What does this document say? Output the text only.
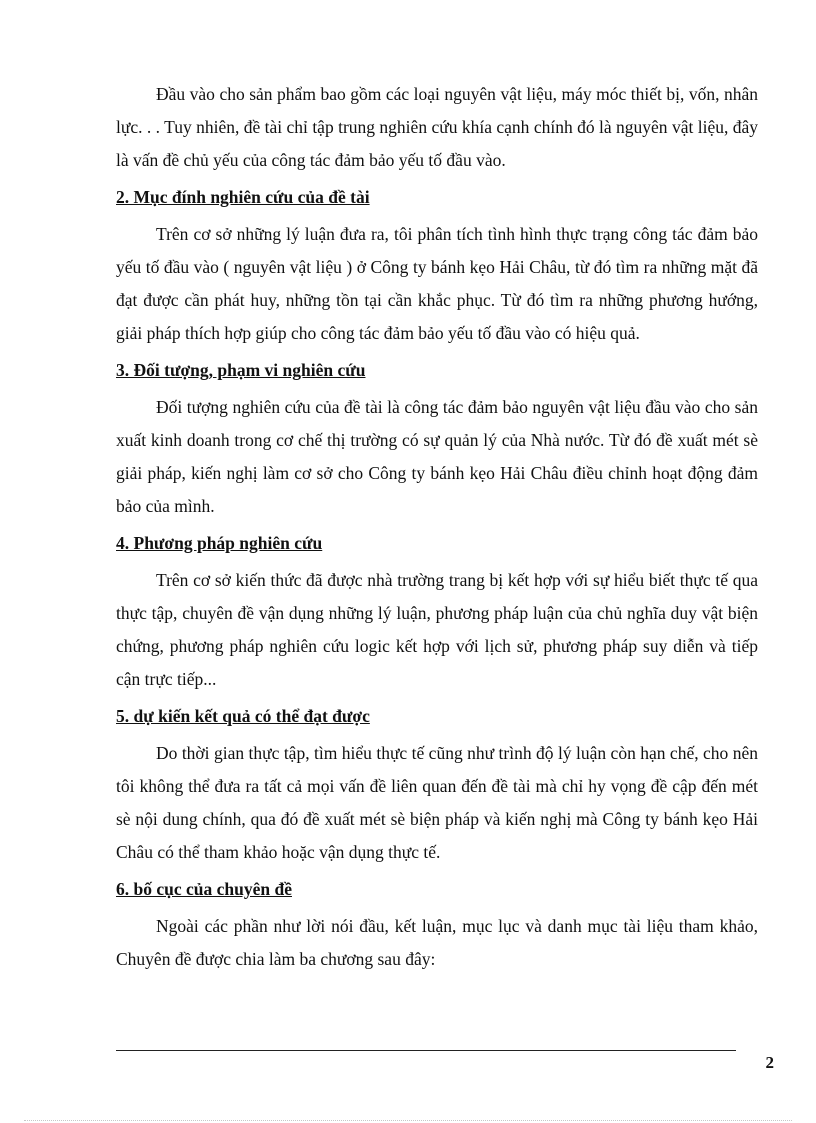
Đầu vào cho sản phẩm bao gồm các loại nguyên vật liệu, máy móc thiết bị, vốn, nhân lực. . . Tuy nhiên, đề tài chỉ tập trung nghiên cứu khía cạnh chính đó là nguyên vật liệu, đây là vấn đề chủ yếu của công tác đảm bảo yếu tố đầu vào.

2. Mục đính nghiên cứu của đề tài

Trên cơ sở những lý luận đưa ra, tôi phân tích tình hình thực trạng công tác đảm bảo yếu tố đầu vào ( nguyên vật liệu ) ở Công ty bánh kẹo Hải Châu, từ đó tìm ra những mặt đã đạt được cần phát huy, những tồn tại cần khắc phục. Từ đó tìm ra những phương hướng, giải pháp thích hợp giúp cho công tác đảm bảo yếu tố đầu vào có hiệu quả.

3. Đối tượng, phạm vi nghiên cứu

Đối tượng nghiên cứu của đề tài là công tác đảm bảo nguyên vật liệu đầu vào cho sản xuất kinh doanh trong cơ chế thị trường có sự quản lý của Nhà nước. Từ đó đề xuất mét sè giải pháp, kiến nghị làm cơ sở cho Công ty bánh kẹo Hải Châu điều chỉnh hoạt động đảm bảo của mình.

4. Phương pháp nghiên cứu

Trên cơ sở kiến thức đã được nhà trường trang bị kết hợp với sự hiểu biết thực tế qua thực tập, chuyên đề vận dụng những lý luận, phương pháp luận của chủ nghĩa duy vật biện chứng, phương pháp nghiên cứu logic kết hợp với lịch sử, phương pháp suy diễn và tiếp cận trực tiếp...

5. dự kiến kết quả có thể đạt được

Do thời gian thực tập, tìm hiểu thực tế cũng như trình độ lý luận còn hạn chế, cho nên tôi không thể đưa ra tất cả mọi vấn đề liên quan đến đề tài mà chỉ hy vọng đề cập đến mét sè nội dung chính, qua đó đề xuất mét sè biện pháp và kiến nghị mà Công ty bánh kẹo Hải Châu có thể tham khảo hoặc vận dụng thực tế.

6. bố cục của chuyên đề

Ngoài các phần như lời nói đầu, kết luận, mục lục và danh mục tài liệu tham khảo, Chuyên đề được chia làm ba chương sau đây:

2
